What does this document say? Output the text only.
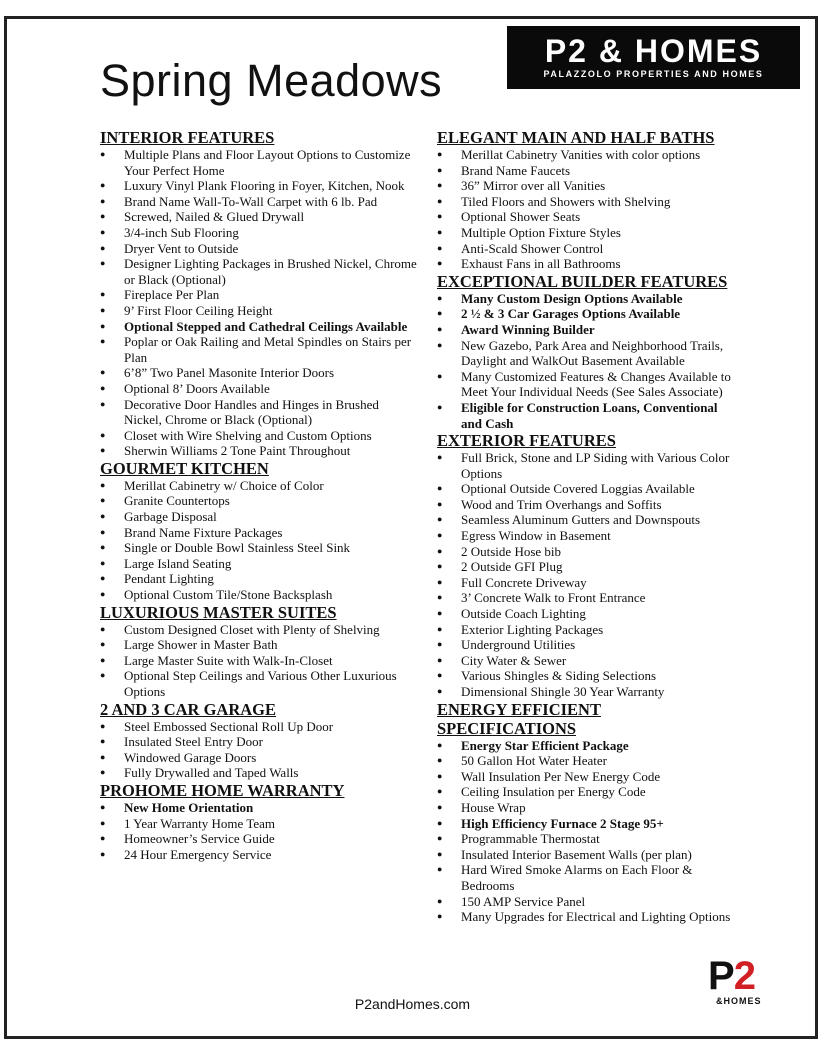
Spring Meadows
P2 & HOMES
PALAZZOLO PROPERTIES AND HOMES
INTERIOR FEATURES
● Multiple Plans and Floor Layout Options to Customize Your Perfect Home
● Luxury Vinyl Plank Flooring in Foyer, Kitchen, Nook
● Brand Name Wall-To-Wall Carpet with 6 lb. Pad
● Screwed, Nailed & Glued Drywall
● 3/4-inch Sub Flooring
● Dryer Vent to Outside
● Designer Lighting Packages in Brushed Nickel, Chrome or Black (Optional)
● Fireplace Per Plan
● 9’ First Floor Ceiling Height
● Optional Stepped and Cathedral Ceilings Available
● Poplar or Oak Railing and Metal Spindles on Stairs per Plan
● 6’8” Two Panel Masonite Interior Doors
● Optional 8’ Doors Available
● Decorative Door Handles and Hinges in Brushed Nickel, Chrome or Black (Optional)
● Closet with Wire Shelving and Custom Options
● Sherwin Williams 2 Tone Paint Throughout
GOURMET KITCHEN
● Merillat Cabinetry w/ Choice of Color
● Granite Countertops
● Garbage Disposal
● Brand Name Fixture Packages
● Single or Double Bowl Stainless Steel Sink
● Large Island Seating
● Pendant Lighting
● Optional Custom Tile/Stone Backsplash
LUXURIOUS MASTER SUITES
● Custom Designed Closet with Plenty of Shelving
● Large Shower in Master Bath
● Large Master Suite with Walk-In-Closet
● Optional Step Ceilings and Various Other Luxurious Options
2 AND 3 CAR GARAGE
● Steel Embossed Sectional Roll Up Door
● Insulated Steel Entry Door
● Windowed Garage Doors
● Fully Drywalled and Taped Walls
PROHOME HOME WARRANTY
● New Home Orientation
● 1 Year Warranty Home Team
● Homeowner’s Service Guide
● 24 Hour Emergency Service
ELEGANT MAIN AND HALF BATHS
● Merillat Cabinetry Vanities with color options
● Brand Name Faucets
● 36” Mirror over all Vanities
● Tiled Floors and Showers with Shelving
● Optional Shower Seats
● Multiple Option Fixture Styles
● Anti-Scald Shower Control
● Exhaust Fans in all Bathrooms
EXCEPTIONAL BUILDER FEATURES
● Many Custom Design Options Available
● 2 ½ & 3 Car Garages Options Available
● Award Winning Builder
● New Gazebo, Park Area and Neighborhood Trails, Daylight and WalkOut Basement Available
● Many Customized Features & Changes Available to Meet Your Individual Needs (See Sales Associate)
● Eligible for Construction Loans, Conventional and Cash
EXTERIOR FEATURES
● Full Brick, Stone and LP Siding with Various Color Options
● Optional Outside Covered Loggias Available
● Wood and Trim Overhangs and Soffits
● Seamless Aluminum Gutters and Downspouts
● Egress Window in Basement
● 2 Outside Hose bib
● 2 Outside GFI Plug
● Full Concrete Driveway
● 3’ Concrete Walk to Front Entrance
● Outside Coach Lighting
● Exterior Lighting Packages
● Underground Utilities
● City Water & Sewer
● Various Shingles & Siding Selections
● Dimensional Shingle 30 Year Warranty
ENERGY EFFICIENT SPECIFICATIONS
● Energy Star Efficient Package
● 50 Gallon Hot Water Heater
● Wall Insulation Per New Energy Code
● Ceiling Insulation per Energy Code
● House Wrap
● High Efficiency Furnace 2 Stage 95+
● Programmable Thermostat
● Insulated Interior Basement Walls (per plan)
● Hard Wired Smoke Alarms on Each Floor & Bedrooms
● 150 AMP Service Panel
● Many Upgrades for Electrical and Lighting Options
P2andHomes.com
P2
&HOMES
